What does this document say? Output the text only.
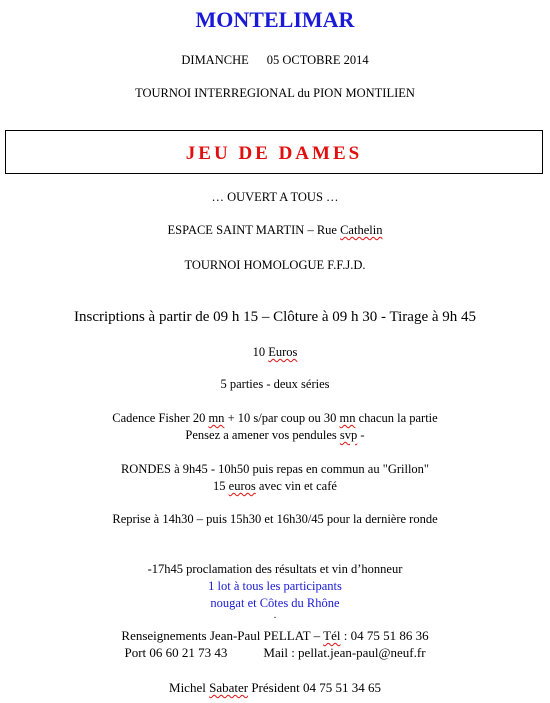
MONTELIMAR
DIMANCHE 05 OCTOBRE 2014
TOURNOI INTERREGIONAL du PION MONTILIEN
JEU DE DAMES
… OUVERT A TOUS …
ESPACE SAINT MARTIN – Rue Cathelin
TOURNOI HOMOLOGUE F.F.J.D.
Inscriptions à partir de 09 h 15 – Clôture à 09 h 30 - Tirage à 9h 45
10 Euros
5 parties - deux séries
Cadence Fisher 20 mn + 10 s/par coup ou 30 mn chacun la partie
Pensez a amener vos pendules svp -
RONDES à 9h45 - 10h50 puis repas en commun au "Grillon"
15 euros avec vin et café
Reprise à 14h30 – puis 15h30 et 16h30/45 pour la dernière ronde
-17h45 proclamation des résultats et vin d’honneur
1 lot à tous les participants
nougat et Côtes du Rhône
.
Renseignements Jean-Paul PELLAT – Tél : 04 75 51 86 36
Port 06 60 21 73 43	Mail : pellat.jean-paul@neuf.fr
Michel Sabater Président 04 75 51 34 65
